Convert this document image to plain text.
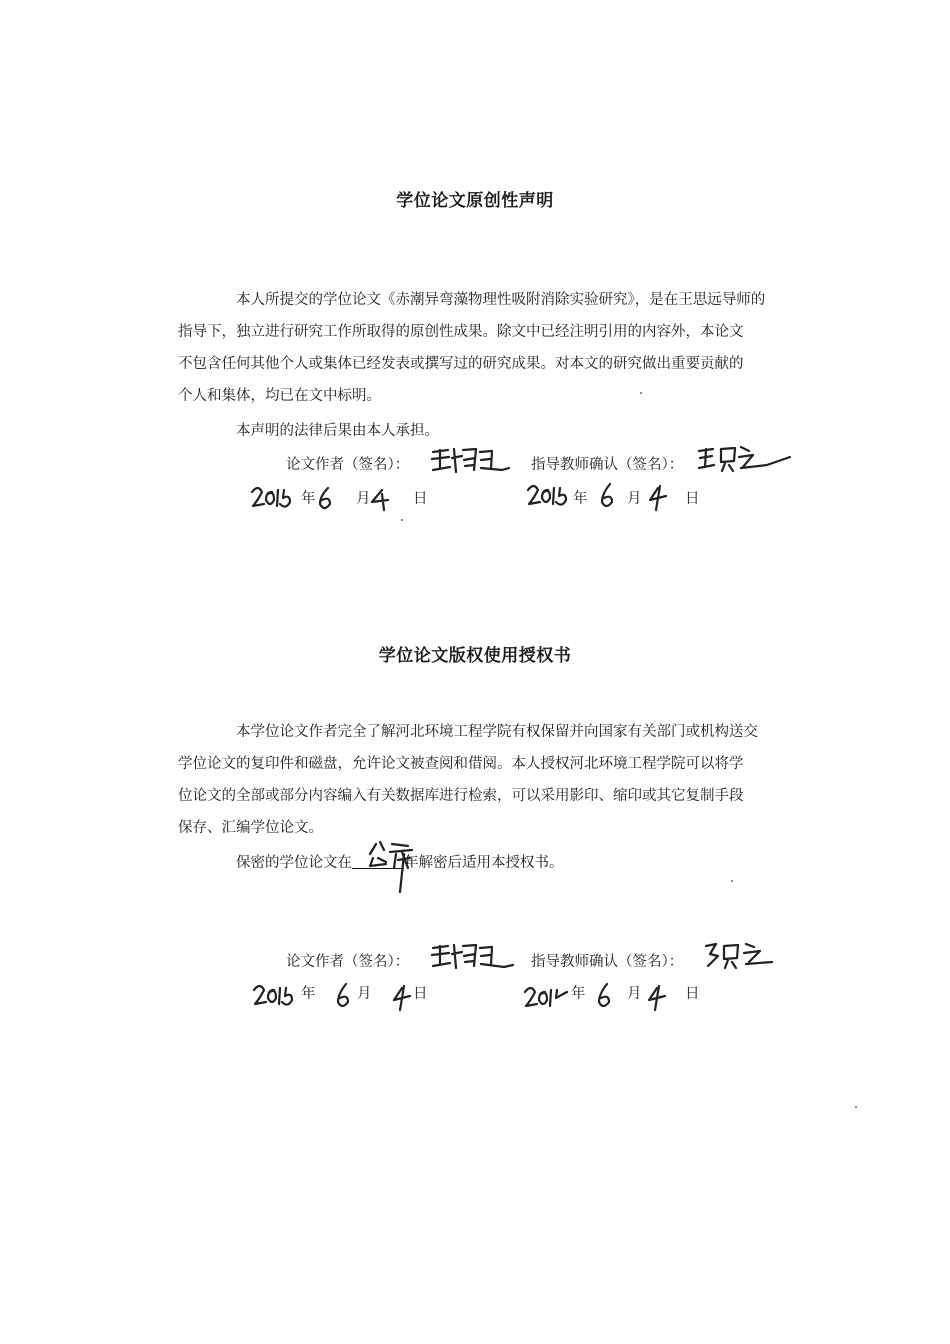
学位论文原创性声明
本人所提交的学位论文《赤潮异弯藻物理性吸附消除实验研究》，是在王思远导师的
指导下，独立进行研究工作所取得的原创性成果。除文中已经注明引用的内容外，本论文
不包含任何其他个人或集体已经发表或撰写过的研究成果。对本文的研究做出重要贡献的
个人和集体，均已在文中标明。
本声明的法律后果由本人承担。
论文作者（签名）：	指导教师确认（签名）：
年	月	日	年	月	日
学位论文版权使用授权书
本学位论文作者完全了解河北环境工程学院有权保留并向国家有关部门或机构送交
学位论文的复印件和磁盘，允许论文被查阅和借阅。本人授权河北环境工程学院可以将学
位论文的全部或部分内容编入有关数据库进行检索，可以采用影印、缩印或其它复制手段
保存、汇编学位论文。
保密的学位论文在	年解密后适用本授权书。
论文作者（签名）：	指导教师确认（签名）：
年	月	日	年	月	日
